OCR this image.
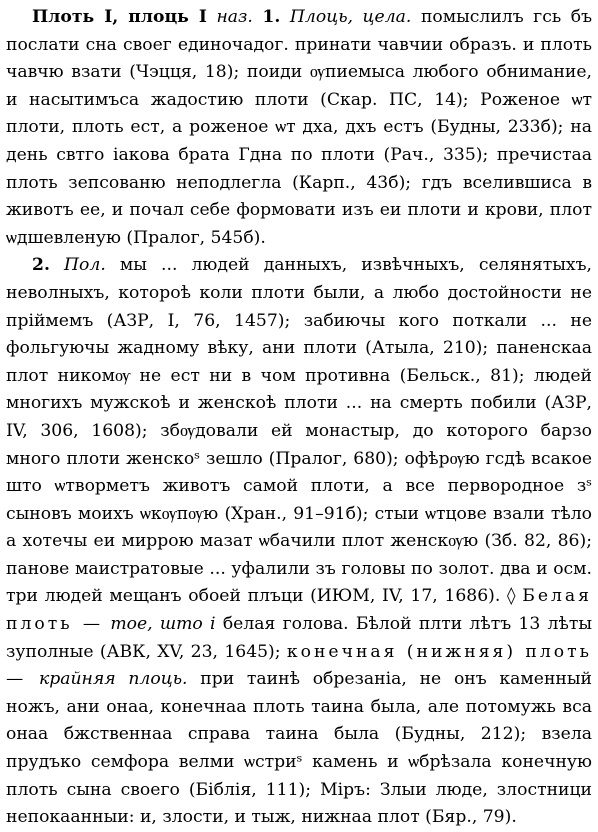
Плоть I, плоць I наз. 1. Плоць, цела. помыслилъ гсь бъ послати сна своег единочадог. принати чавчии образъ. и плоть чавчю взати (Чэцця, 18); поиди ѹпиемыса любого обнимание, и насытимъса жадостию плоти (Скар. ПС, 14); Роженое ѡт плоти, плоть ест, а роженое ѡт дха, дхъ естъ (Будны, 233б); на день свтго іакова брата Гдна по плоти (Рач., 335); пречистаа плоть зепсованю неподлегла (Карп., 43б); гдъ вселившиса в животъ ее, и почал себе формовати изъ еи плоти и крови, плот ѡдшевленую (Пралог, 545б).

2. Пол. мы ... людей данныхъ, извѣчныхъ, селянятыхъ, неволныхъ, котороѣ коли плоти были, а любо достойности не пріймемъ (АЗР, I, 76, 1457); забиючы кого поткали ... не фольгуючы жадному вѣку, ани плоти (Атыла, 210); паненскаа плот никомѹ не ест ни в чом противна (Бельск., 81); людей многихъ мужскоѣ и женскоѣ плоти ... на смерть побили (АЗР, IV, 306, 1608); збѹдовали ей монастыр, до которого барзо много плоти женскоˢ зешло (Пралог, 680); офѣрѹю гсдѣ всакое што ѡтворметъ животъ самой плоти, а все первородное зˢ сыновъ моихъ ѡкѹпѹю (Хран., 91–91б); стыи ѡтцове взали тѣло а хотечы еи миррою мазат ѡбачили плот женскѹю (Зб. 82, 86); панове маистратовые ... уфалили зъ головы по золот. два и осм. три людей мещанъ обоей плъци (ИЮМ, IV, 17, 1686). ◊ Белая плоть — тое, што і белая голова. Бѣлой плти лѣтъ 13 лѣты зуполные (АВК, XV, 23, 1645); конечная (нижняя) плоть — крайняя плоць. при таинѣ обрезаніа, не онъ каменный ножъ, ани онаа, конечнаа плоть таина была, але потомужь вса онаа бжственнаа справа таина была (Будны, 212); взела прудъко семфора велми ѡстриˢ камень и ѡбрѣзала конечную плоть сына своего (Біблія, 111); Міръ: Злыи люде, злостници непокаанныи: и, злости, и тыж, нижнаа плот (Бяр., 79).
